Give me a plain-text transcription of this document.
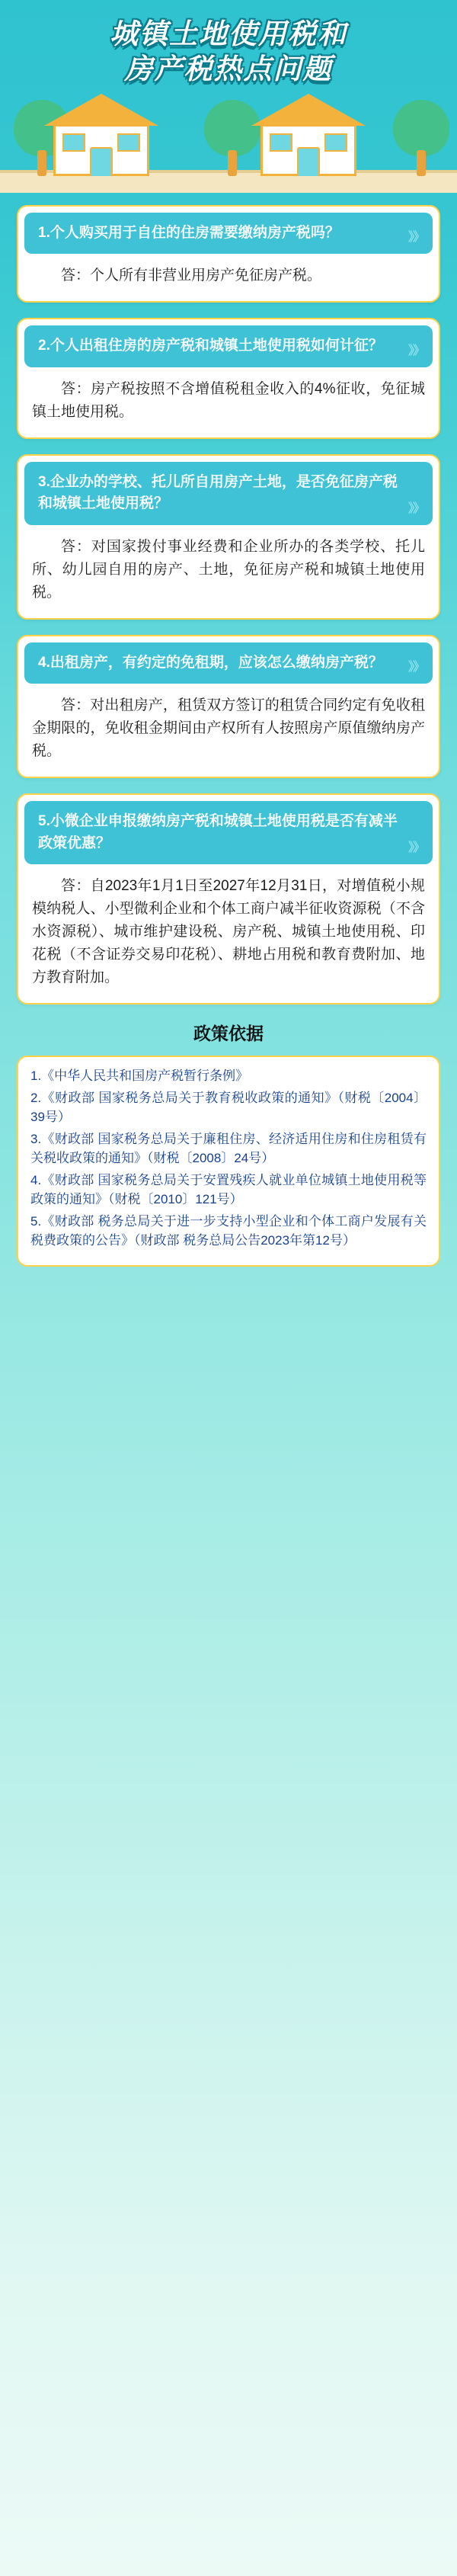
城镇土地使用税和
房产税热点问题
1.个人购买用于自住的住房需要缴纳房产税吗？	》》
答：个人所有非营业用房产免征房产税。
2.个人出租住房的房产税和城镇土地使用税如何计征？ 》》
答：房产税按照不含增值税租金收入的4%征收，免征城镇土地使用税。
3.企业办的学校、托儿所自用房产土地，是否免征房产税和城镇土地使用税？	》》
答：对国家拨付事业经费和企业所办的各类学校、托儿所、幼儿园自用的房产、土地，免征房产税和城镇土地使用税。
4.出租房产，有约定的免租期，应该怎么缴纳房产税？ 》》
答：对出租房产，租赁双方签订的租赁合同约定有免收租金期限的，免收租金期间由产权所有人按照房产原值缴纳房产税。
5.小微企业申报缴纳房产税和城镇土地使用税是否有减半政策优惠？	》》
答：自2023年1月1日至2027年12月31日，对增值税小规模纳税人、小型微利企业和个体工商户减半征收资源税（不含水资源税）、城市维护建设税、房产税、城镇土地使用税、印花税（不含证券交易印花税）、耕地占用税和教育费附加、地方教育附加。
政策依据
1.《中华人民共和国房产税暂行条例》
2.《财政部 国家税务总局关于教育税收政策的通知》（财税〔2004〕39号）
3.《财政部 国家税务总局关于廉租住房、经济适用住房和住房租赁有关税收政策的通知》（财税〔2008〕24号）
4.《财政部 国家税务总局关于安置残疾人就业单位城镇土地使用税等政策的通知》（财税〔2010〕121号）
5.《财政部 税务总局关于进一步支持小型企业和个体工商户发展有关税费政策的公告》（财政部 税务总局公告2023年第12号）
